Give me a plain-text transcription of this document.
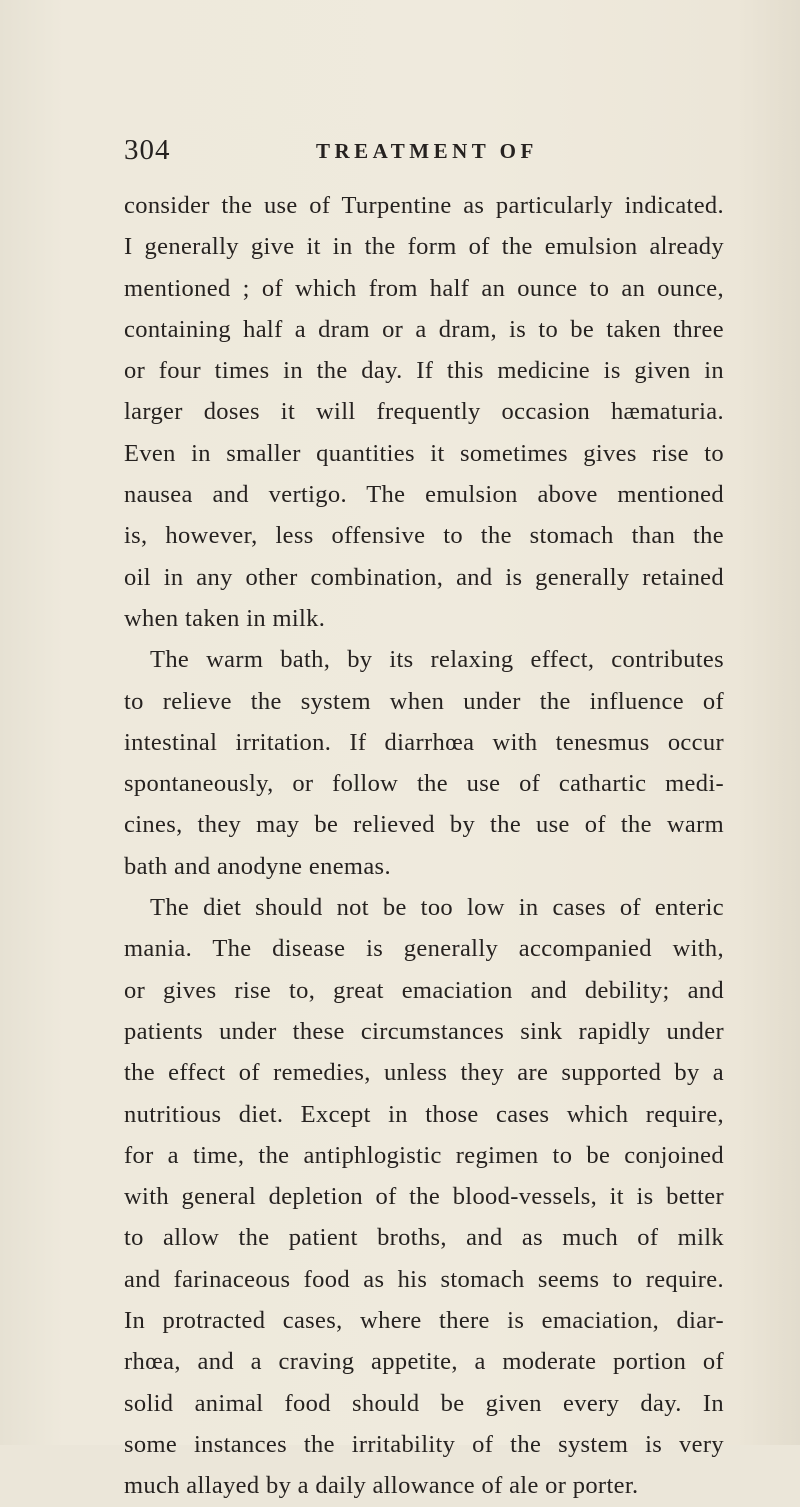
304	TREATMENT OF
consider the use of Turpentine as particularly indicated.
I generally give it in the form of the emulsion already
mentioned ; of which from half an ounce to an ounce,
containing half a dram or a dram, is to be taken three
or four times in the day. If this medicine is given in
larger doses it will frequently occasion hæmaturia.
Even in smaller quantities it sometimes gives rise to
nausea and vertigo. The emulsion above mentioned
is, however, less offensive to the stomach than the
oil in any other combination, and is generally retained
when taken in milk.
The warm bath, by its relaxing effect, contributes
to relieve the system when under the influence of
intestinal irritation. If diarrhœa with tenesmus occur
spontaneously, or follow the use of cathartic medi-
cines, they may be relieved by the use of the warm
bath and anodyne enemas.
The diet should not be too low in cases of enteric
mania. The disease is generally accompanied with,
or gives rise to, great emaciation and debility; and
patients under these circumstances sink rapidly under
the effect of remedies, unless they are supported by a
nutritious diet. Except in those cases which require,
for a time, the antiphlogistic regimen to be conjoined
with general depletion of the blood-vessels, it is better
to allow the patient broths, and as much of milk
and farinaceous food as his stomach seems to require.
In protracted cases, where there is emaciation, diar-
rhœa, and a craving appetite, a moderate portion of
solid animal food should be given every day. In
some instances the irritability of the system is very
much allayed by a daily allowance of ale or porter.
